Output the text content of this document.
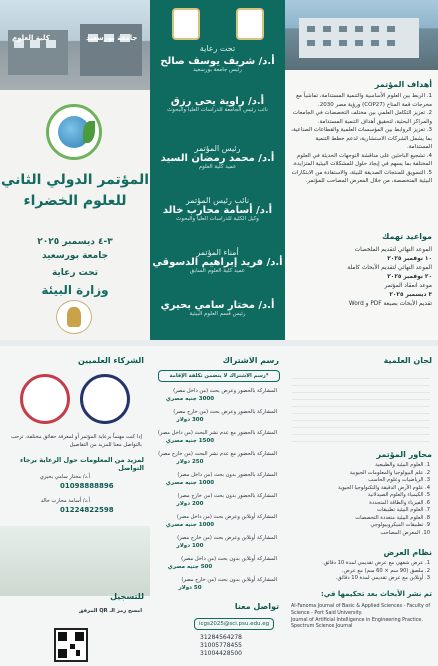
كلية العلوم	جامعة بورسعيد
المؤتمر الدولي الثاني
للعلوم الخضراء
٣-٤ ديسمبر ٢٠٢٥
جامعة بورسعيد
تحت رعاية
وزارة البيئة
تحت رعاية
أ.د/ شريف يوسف صالح
رئيس جامعة بورسعيد
أ.د/ راوية يحى رزق
نائب رئيس الجامعة للدراسات العليا والبحوث
رئيس المؤتمر
أ.د/ محمد رمضان السيد
عميد كلية العلوم
نائب رئيس المؤتمر
أ.د/ أسامة محارب خالد
وكيل الكلية للدراسات العليا والبحوث
أمناء المؤتمر
أ.د/ فريد إبراهيم الدسوقي
عميد كلية العلوم السابق
أ.د/ مختار سامي بحيري
رئيس قسم العلوم البيئية
أهداف المؤتمر
1. الربط بين العلوم الأساسية والتنمية المستدامة، تماشياً مع مخرجات قمة المناخ (COP27) ورؤية مصر 2030.
2. تعزيز التكامل العلمي بين مختلف التخصصات في الجامعات والمراكز البحثية، لتحقيق أهداف التنمية المستدامة.
3. تعزيز الروابط بين المؤسسات العلمية والقطاعات الصناعية، بما يشمل الشركات الاستشارية، لدعم خطط التنمية المستدامة.
4. تشجيع الباحثين على مناقشة التوجهات الحديثة في العلوم المختلفة بما يسهم في إيجاد حلول للمشكلات البيئية المتزايدة.
5. التسويق للمنتجات الصديقة للبيئة، والاستفادة من الابتكارات البيئية المتخصصة، من خلال المعرض المصاحب للمؤتمر.
مواعيد تهمك
الموعد النهائي لتقديم الملخصات
١٠ نوفمبر ٢٠٢٥
الموعد النهائي لتقديم الأبحاث كاملة
٢٠ نوفمبر ٢٠٢٥
موعد انعقاد المؤتمر
٣ ديسمبر ٢٠٢٥
تقديم الأبحاث بصيغة PDF و Word
الشركاء العلميين
إذا كنت مهتماً برعاية المؤتمر أو لمعرفة حقائق مختلفة، ترحب بالتواصل معنا للمزيد من التفاصيل
لمزيد من المعلومات حول الرعاية برجاء التواصل
أ.د/ مختار سامي بحيري
01098888896
أ.د/ أسامة محارب خالد
01224822598
للتسجيل
امسح رمز الـ QR المرفق
رسم الاشتراك
*رسم الاشتراك لا يتضمن تكلفة الإقامة
المشاركة بالحضور وعرض بحث (من داخل مصر)
3000 جنيه مصري
المشاركة بالحضور وعرض بحث (من خارج مصر)
300 دولار
المشاركة بالحضور مع عدم نشر البحث (من داخل مصر)
1500 جنيه مصري
المشاركة بالحضور مع عدم نشر البحث (من خارج مصر)
250 دولار
المشاركة بالحضور بدون بحث (من داخل مصر)
1000 جنيه مصري
المشاركة بالحضور بدون بحث (من خارج مصر)
200 دولار
المشاركة أونلاين وعرض بحث (من داخل مصر)
1000 جنيه مصري
المشاركة أونلاين وعرض بحث (من خارج مصر)
100 دولار
المشاركة أونلاين بدون بحث (من داخل مصر)
500 جنيه مصري
المشاركة أونلاين بدون بحث (من خارج مصر)
50 دولار
تواصل معنا
icgs2025@sci.psu.edu.eg
31284564278
31005778455
31004428500
لجان العلمية
محاور المؤتمر
1. العلوم البيئية والطبيعية
2. علم البيولوجيا والمعلومات الجيوبية
3. الرياضيات وعلوم الحاسب
4. علوم الأرض الدقيقة والتكنولوجيا الحيوية
5. الكيمياء والعلوم الصيدلانية
6. الفيزياء والطاقة المتجددة
7. العلوم البيئية تطبيقات
8. العلوم البيئية متعددة التخصصات
9. تطبيقات الميكروبيولوجي
10. المعرض المصاحب
نظام العرض
1. عرض شفهي مع عرض تقديمي لمدة 10 دقائق.
2. ملصق (90 سم × 60 سم) مع عرض.
3. أونلاين مع عرض تقديمي لمدة 10 دقائق.
تم نشر الأبحاث بعد تحكيمها في:
Al-Fanoma Journal of Basic & Applied Sciences - Faculty of Science - Port Said University.
Journal of Artificial Intelligence in Engineering Practice.
Spectrum Science Journal
